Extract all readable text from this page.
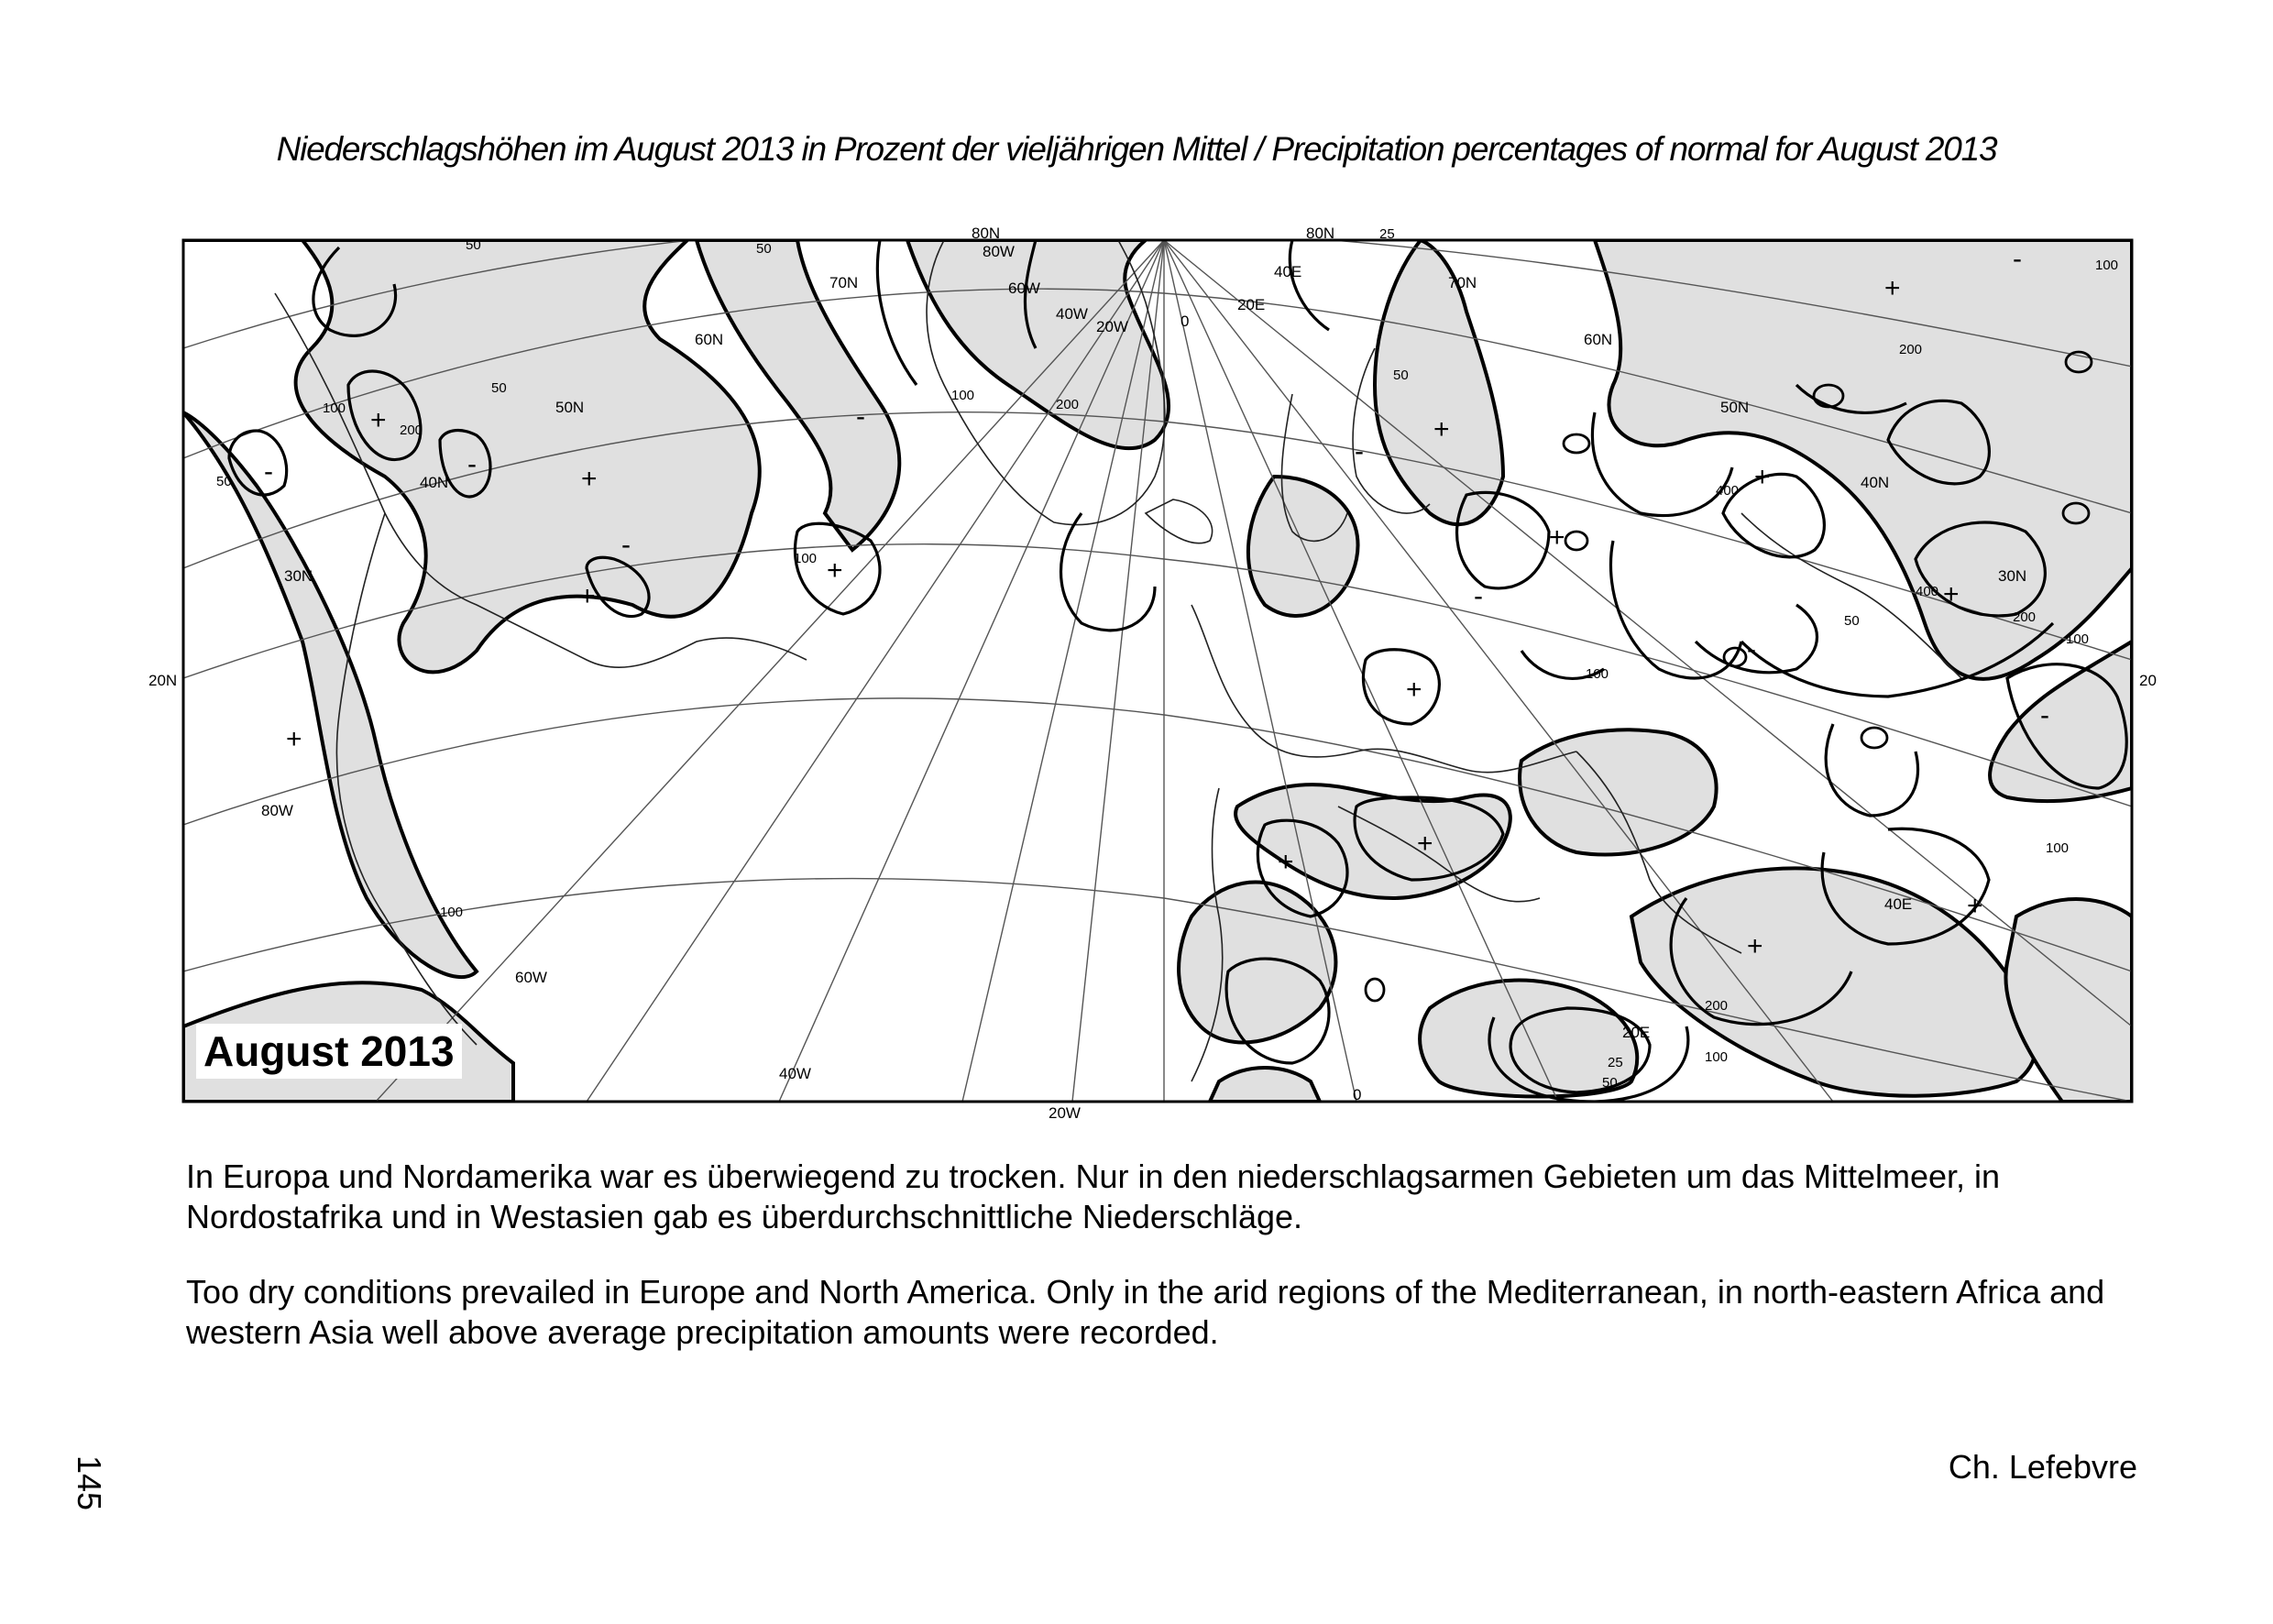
Niederschlagshöhen im August 2013 in Prozent der vieljährigen Mittel / Precipitation percentages of normal for August 2013
80N	80N
70N	70N
60N	60N
50N	50N
40N	40N
30N	30N
20N	20
80W
60W
40W
20W	0
20E
40E
80W
60W
40W
20W
0
20E
40E
50
50
50
100
200
100
50
200
100
100
25
50
200
400
100
100
200
400
100
50
100
200
100
25
50
+
-	-	+
-
+
+
-
+
+
-
+
+
-
+
-
+
+
-
+
+
-
+
+
August 2013
In Europa und Nordamerika war es überwiegend zu trocken. Nur in den niederschlagsarmen Gebieten um das Mittelmeer, in Nordostafrika und in Westasien gab es überdurchschnittliche Niederschläge.
Too dry conditions prevailed in Europe and North America. Only in the arid regions of the Mediterranean, in north-eastern Africa and western Asia well above average precipitation amounts were recorded.
145	Ch. Lefebvre
